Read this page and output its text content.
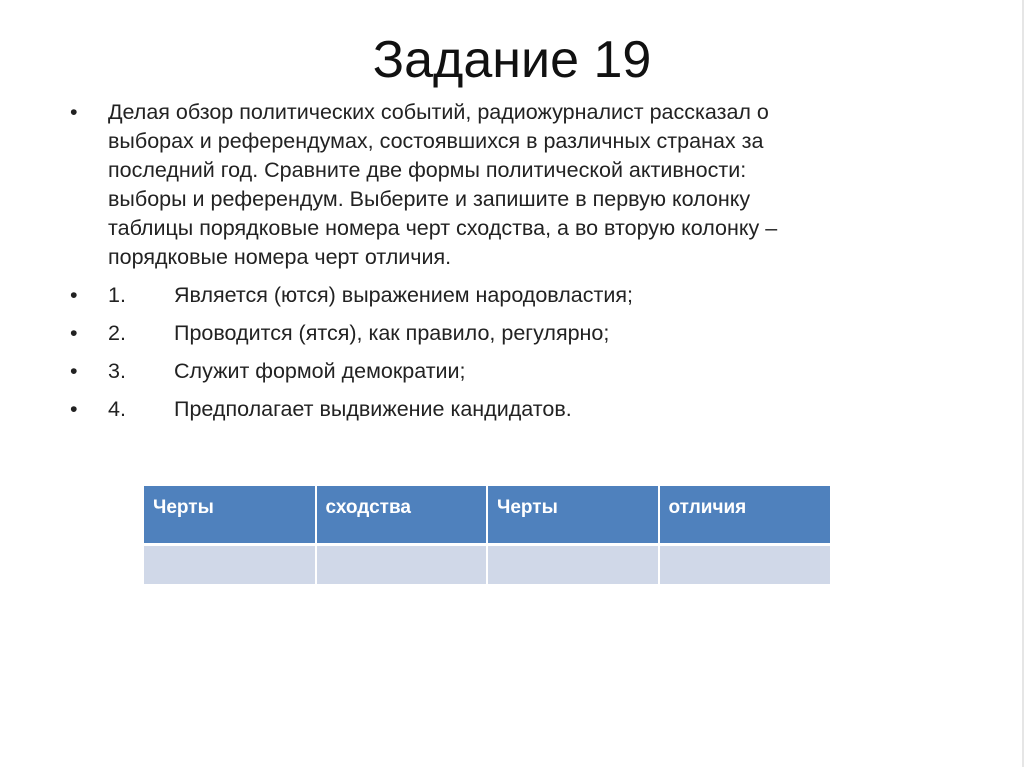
Задание 19
•	Делая обзор политических событий, радиожурналист рассказал о
выборах и референдумах, состоявшихся в различных странах за
последний год. Сравните две формы политической активности:
выборы и референдум. Выберите и запишите в первую колонку
таблицы порядковые номера черт сходства, а во вторую колонку –
порядковые номера черт отличия.
•	1. Является (ются) выражением народовластия;
•	2. Проводится (ятся), как правило, регулярно;
•	3. Служит формой демократии;
•	4. Предполагает выдвижение кандидатов.
Черты	сходства	Черты	отличия
